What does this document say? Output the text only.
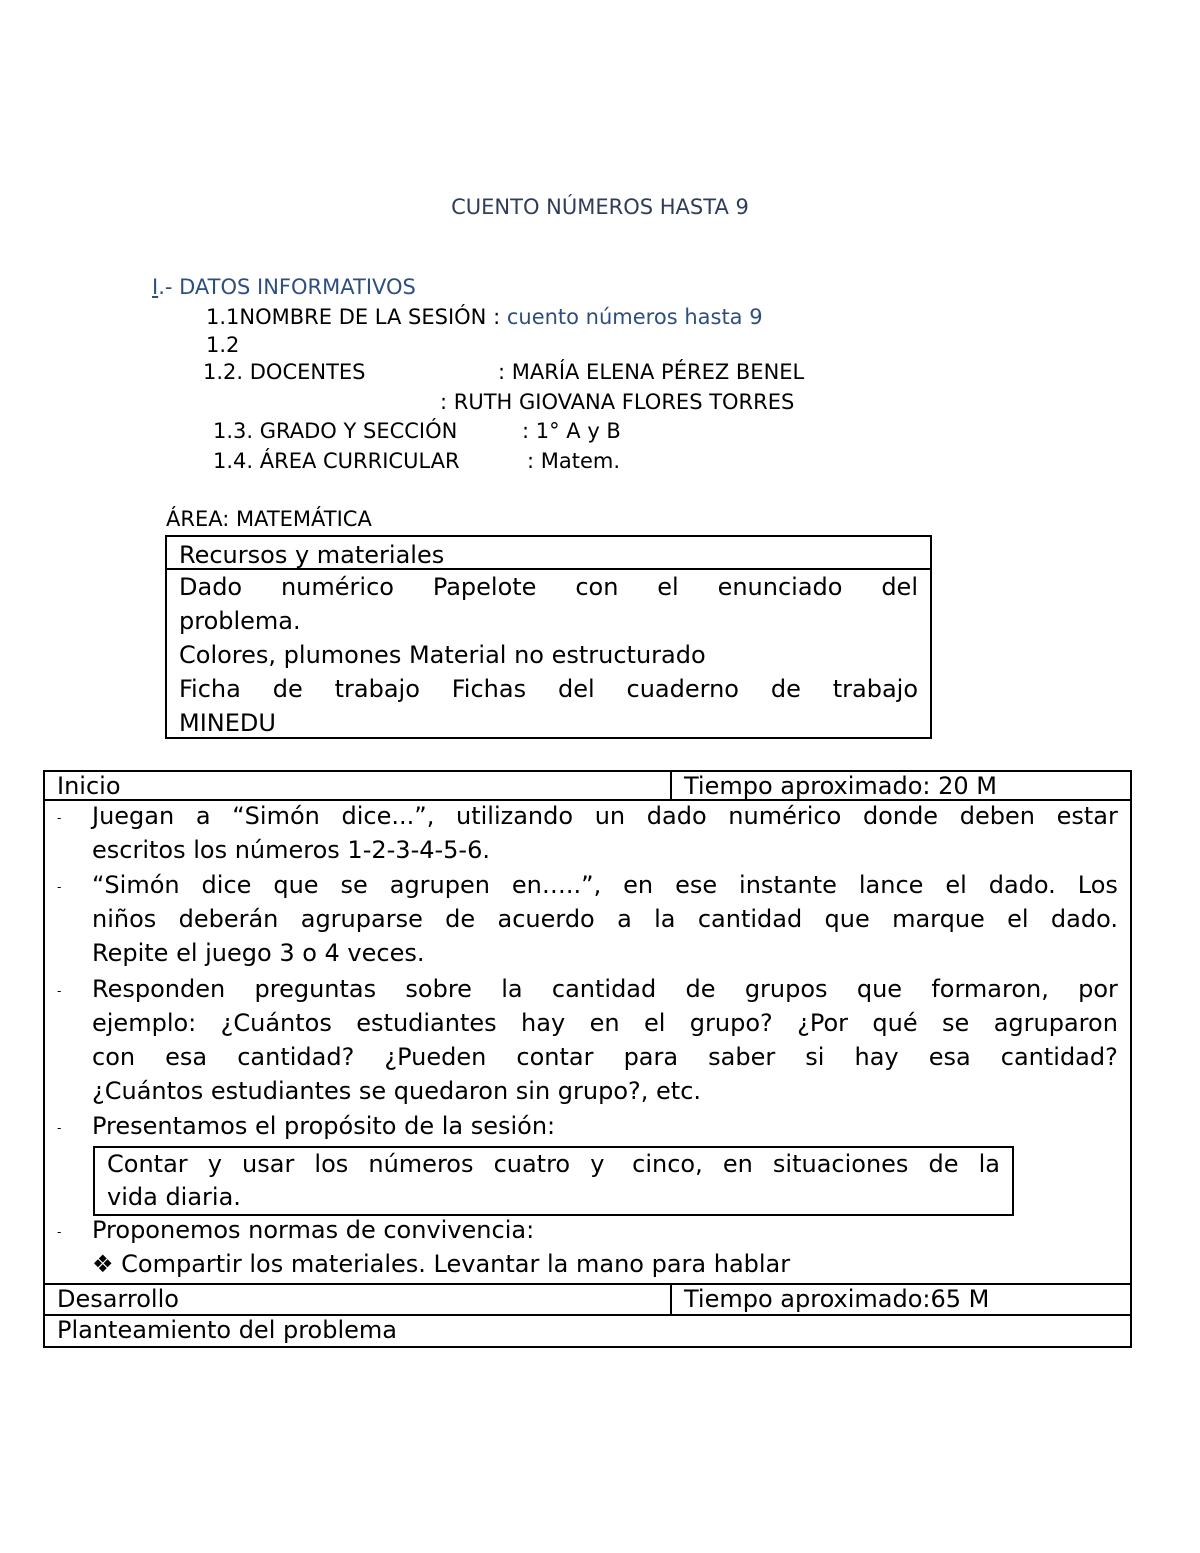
CUENTO NÚMEROS HASTA 9
I.- DATOS INFORMATIVOS
1.1NOMBRE DE LA SESIÓN : cuento números hasta 9
1.2
1.2. DOCENTES	: MARÍA ELENA PÉREZ BENEL
: RUTH GIOVANA FLORES TORRES
1.3. GRADO Y SECCIÓN	: 1° A y B
1.4. ÁREA CURRICULAR	: Matem.
ÁREA: MATEMÁTICA
Recursos y materiales
Dado numérico Papelote con el enunciado del
problema.
Colores, plumones Material no estructurado
Ficha de trabajo Fichas del cuaderno de trabajo
MINEDU
Inicio	Tiempo aproximado: 20 M
- Juegan a “Simón dice...”, utilizando un dado numérico donde deben estar
escritos los números 1-2-3-4-5-6.
- “Simón dice que se agrupen en…..”, en ese instante lance el dado. Los
niños deberán agruparse de acuerdo a la cantidad que marque el dado.
Repite el juego 3 o 4 veces.
- Responden preguntas sobre la cantidad de grupos que formaron, por
ejemplo: ¿Cuántos estudiantes hay en el grupo? ¿Por qué se agruparon
con esa cantidad? ¿Pueden contar para saber si hay esa cantidad?
¿Cuántos estudiantes se quedaron sin grupo?, etc.
- Presentamos el propósito de la sesión:
Contar y usar los números cuatro y cinco, en situaciones de la
vida diaria.
- Proponemos normas de convivencia:
❖ Compartir los materiales. Levantar la mano para hablar
Desarrollo	Tiempo aproximado:65 M
Planteamiento del problema
